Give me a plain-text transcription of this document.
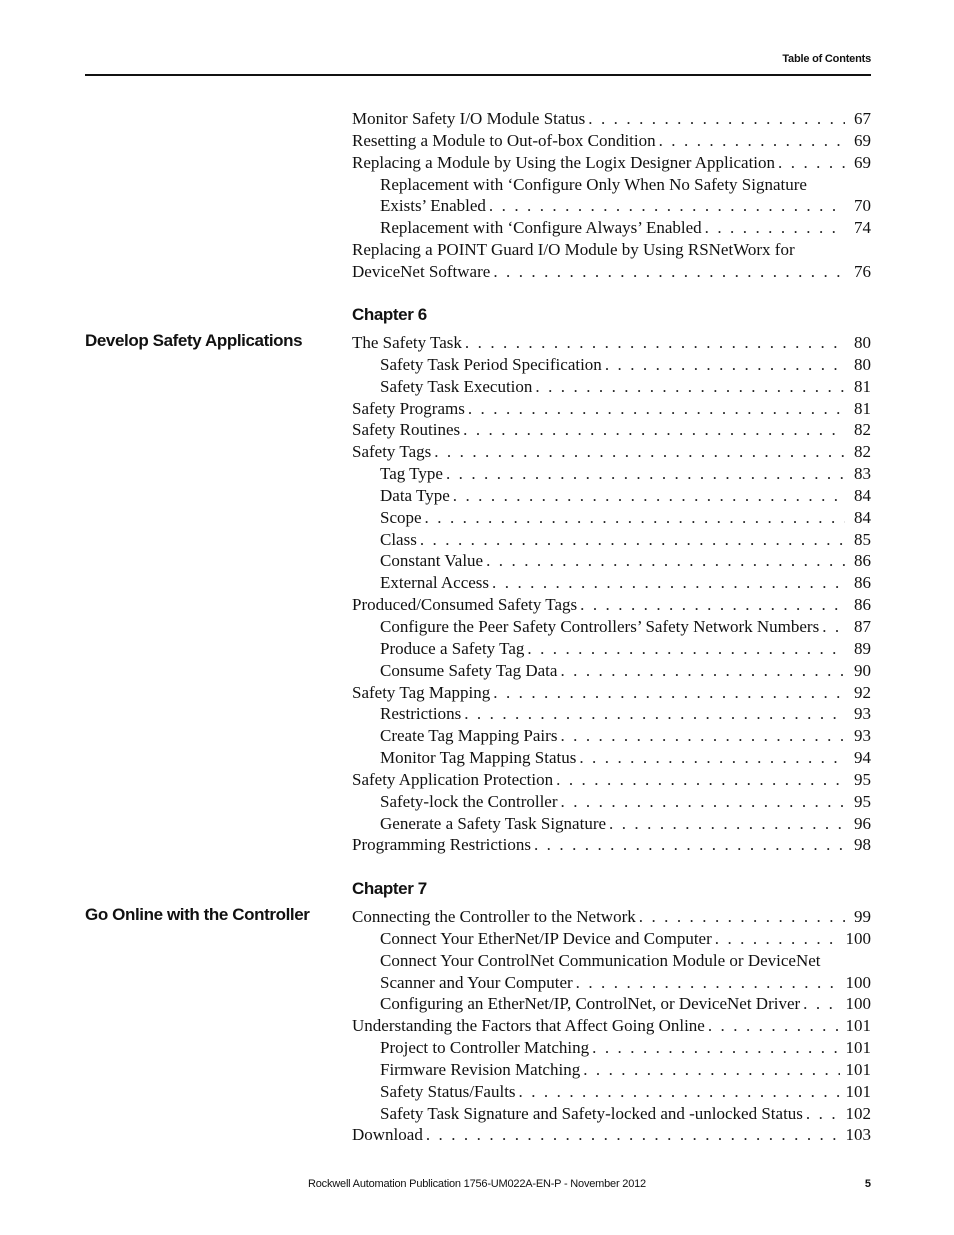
Table of Contents
Monitor Safety I/O Module Status . . .	67
Resetting a Module to Out-of-box Condition . . .	69
Replacing a Module by Using the Logix Designer Application . . .	69
Replacement with ‘Configure Only When No Safety Signature
Exists’ Enabled . . .	70
Replacement with ‘Configure Always’ Enabled . . .	74
Replacing a POINT Guard I/O Module by Using RSNetWorx for
DeviceNet Software . . .	76
Chapter 6
Develop Safety Applications	The Safety Task . . .	80
Safety Task Period Specification . . .	80
Safety Task Execution . . .	81
Safety Programs . . .	81
Safety Routines . . .	82
Safety Tags . . .	82
Tag Type . . .	83
Data Type . . .	84
Scope . . .	84
Class . . .	85
Constant Value . . .	86
External Access . . .	86
Produced/Consumed Safety Tags . . .	86
Configure the Peer Safety Controllers’ Safety Network Numbers . . . 87
Produce a Safety Tag . . .	89
Consume Safety Tag Data . . .	90
Safety Tag Mapping . . .	92
Restrictions . . .	93
Create Tag Mapping Pairs . . .	93
Monitor Tag Mapping Status . . .	94
Safety Application Protection . . .	95
Safety-lock the Controller . . .	95
Generate a Safety Task Signature . . .	96
Programming Restrictions . . .	98
Chapter 7
Go Online with the Controller Connecting the Controller to the Network . . .	99
Connect Your EtherNet/IP Device and Computer . . .	100
Connect Your ControlNet Communication Module or DeviceNet
Scanner and Your Computer . . .	100
Configuring an EtherNet/IP, ControlNet, or DeviceNet Driver . . .	100
Understanding the Factors that Affect Going Online . . .	101
Project to Controller Matching . . .	101
Firmware Revision Matching . . .	101
Safety Status/Faults . . .	101
Safety Task Signature and Safety-locked and -unlocked Status . . .	102
Download . . .	103
Rockwell Automation Publication 1756-UM022A-EN-P - November 2012	5
